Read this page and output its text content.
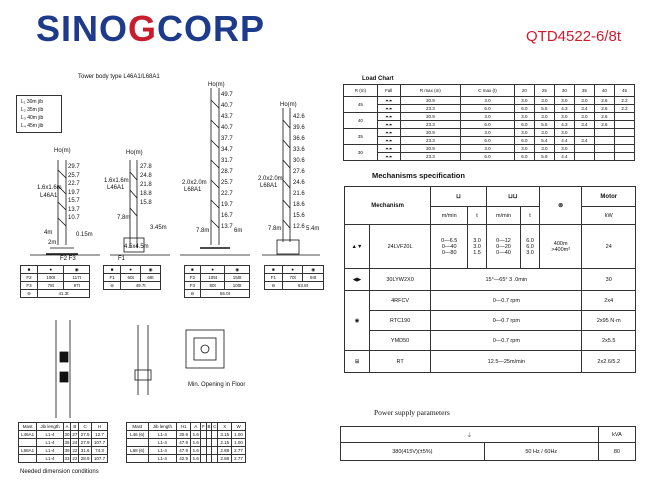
SINOGCORP	QTD4522-6/8t
Tower body type L46A1/L68A1
L₁ 30m jib
L₂ 35m jib
L₃ 40m jib
L₄ 45m jib
Ho(m)
1.6x1.6m
L46A1
F2 F3
29.7
25.7
22.7
19.7
15.7
13.7
10.7
4m
2m
0.15m
Ho(m)
1.6x1.6m
L46A1
F1
27.8
24.8
21.8
18.8
15.8
7.8m
4.5x4.5m
3.45m
Ho(m)
2.0x2.0m
L68A1
49.7
40.7
43.7
40.7
37.7
34.7
31.7
28.7
25.7
22.7
19.7
16.7
13.7
7.8m	6m
Ho(m)
2.0x2.0m
L68A1
42.6
39.6
36.6
33.6
30.6
27.6
24.6
21.6
18.6
15.6
12.6
7.8m	5.4m
■	●	◉
F2	100t	117t
F3	78t	97t
⊖	41.3t	
■	●	◉
F1	60t	68t
⊖	49.7t	
■	●	◉
F2	105t	150t
F3	80t	100t
⊖	55.0t	
■	●	◉
F1	70t	94t
⊖	63.8t	
Load Chart
R (m)	Fall	R max (m)	C max (t)	20	25	30	35	40	45
45	⏶⏶	30.9	3.0	3.0	3.0	3.0	3.0	2.6	2.2
	⏶⏶	23.3	6.0	6.0	5.5	4.3	3.4	2.6	2.2
40	⏶⏶	30.9	3.0	3.0	3.0	3.0	3.0	2.6	
	⏶⏶	23.3	6.0	6.0	5.5	4.3	3.4	2.6	
35	⏶⏶	30.9	3.0	3.0	3.0	3.0			
	⏶⏶	23.3	6.0	6.0	5.4	4.4	3.4		
30	⏶⏶	30.9	3.0	3.0	3.0	3.0			
	⏶⏶	23.3	6.0	6.0	5.9	4.4			
Mechanisms specification
Mechanism		⊔		⊔⊔		⊚	Motor
		m/min	t	m/min	t		kW
▲▼	24LVF20L	0—6.5
0—40
0—80	3.0
3.0
1.5	0—12
0—20
0—40	6.0
6.0
3.0	400m
>400m²	24
◀▶	30LYW2X0	15°—65° 3 .0min					30
◉	4RFCV	0—0.7 rpm					2x4
	RTC190	0—0.7 rpm					2x95 N·m
	YMD50	0—0.7 rpm					2x5.5
⊞	RT	12.5—25m/min					2x2.6/5.2
Power supply parameters
⏚		kVA
380(415V)(±5%)	50 Hz / 60Hz	80
Min. Opening in Floor
Mast	Jib length	A	B	C	H
L46A1	L1-4	30	27	27.5	12.7
	L1-4	35	24	27.9	107.7
L68A1	L1-4	39	22	31.6	74.3
	L1-4	33	22	28.9	107.7
Mast	Jib length	H1	A	F	B	C	X	W
L46 (6)	L1-4	30.9	1.6				3.15	1.00
	L1-4	47.9	1.6				2.15	1.00
L68 (6)	L1-4	47.9	1.6				2.88	2.77
	L1-4	42.9	1.6				2.88	2.77
Needed dimension conditions
